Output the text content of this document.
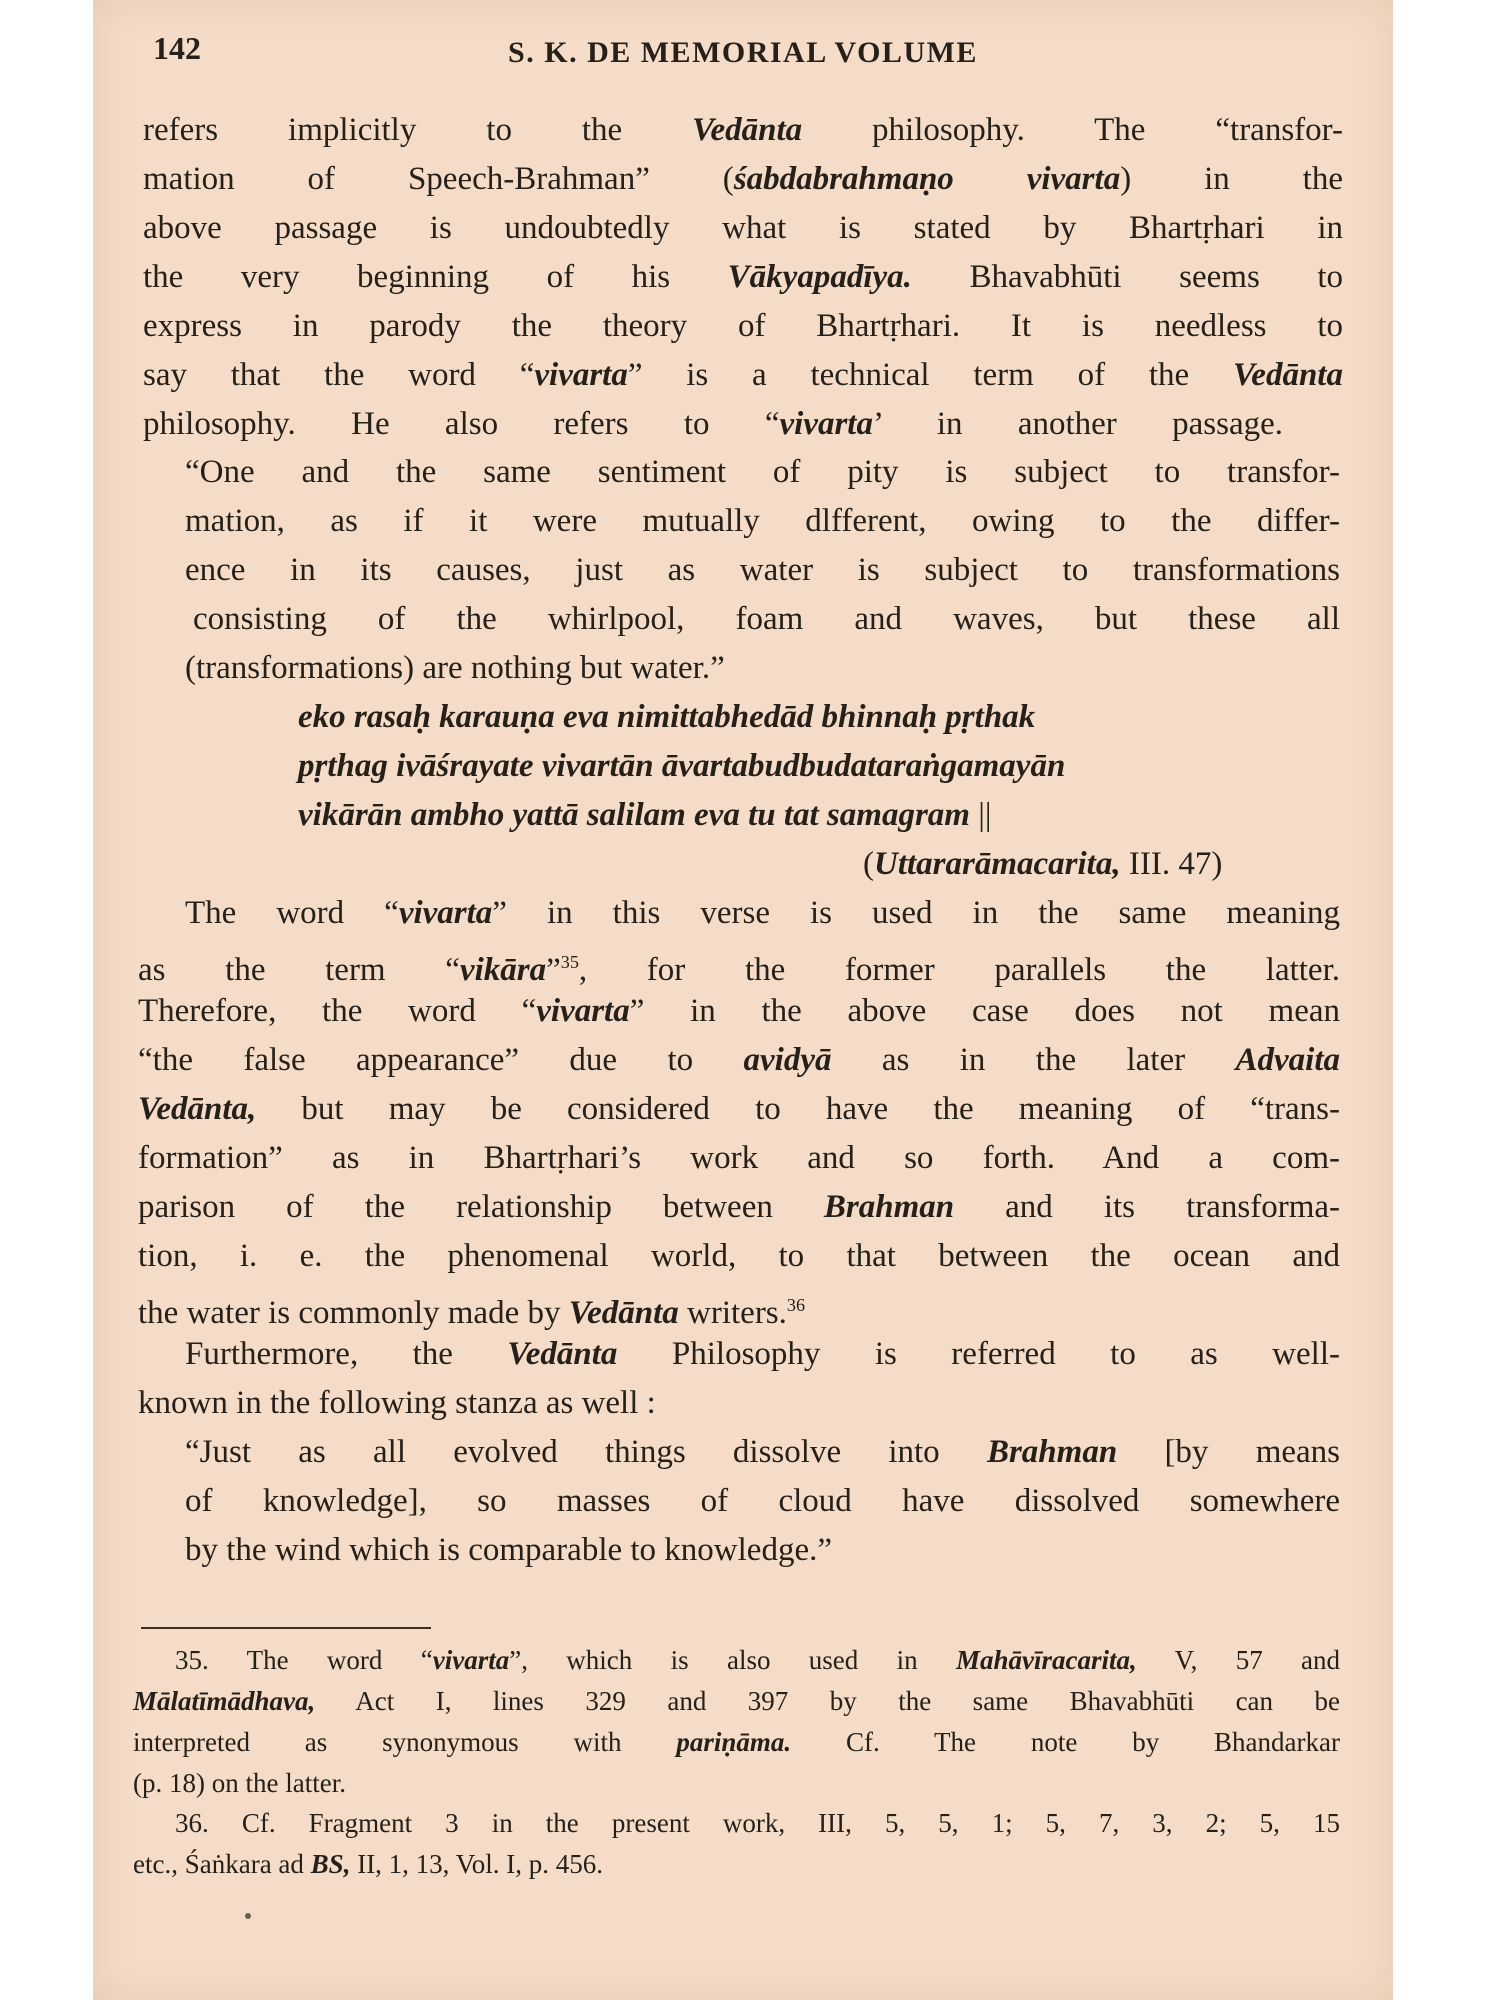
142	S. K. DE MEMORIAL VOLUME
refers implicitly to the Vedānta philosophy. The “transfor-
mation of Speech-Brahman” (śabdabrahmaṇo vivarta) in the
above passage is undoubtedly what is stated by Bhartṛhari in
the very beginning of his Vākyapadīya. Bhavabhūti seems to
express in parody the theory of Bhartṛhari. It is needless to
say that the word “vivarta” is a technical term of the Vedānta
philosophy. He also refers to “vivarta’ in another passage.
“One and the same sentiment of pity is subject to transfor-
mation, as if it were mutually dlfferent, owing to the differ-
ence in its causes, just as water is subject to transformations
consisting of the whirlpool, foam and waves, but these all
(transformations) are nothing but water.”
eko rasaḥ karauṇa eva nimittabhedād bhinnaḥ pṛthak
pṛthag ivāśrayate vivartān āvartabudbudataraṅgamayān
vikārān ambho yattā salilam eva tu tat samagram ||
(Uttararāmacarita, III. 47)
The word “vivarta” in this verse is used in the same meaning
as the term “vikāra”$^{35}$, for the former parallels the latter.
Therefore, the word “vivarta” in the above case does not mean
“the false appearance” due to avidyā as in the later Advaita
Vedānta, but may be considered to have the meaning of “trans-
formation” as in Bhartṛhari’s work and so forth. And a com-
parison of the relationship between Brahman and its transforma-
tion, i. e. the phenomenal world, to that between the ocean and
the water is commonly made by Vedānta writers.$^{36}$
Furthermore, the Vedānta Philosophy is referred to as well-
known in the following stanza as well :
“Just as all evolved things dissolve into Brahman [by means
of knowledge], so masses of cloud have dissolved somewhere
by the wind which is comparable to knowledge.”
35. The word “vivarta”, which is also used in Mahāvīracarita, V, 57 and
Mālatīmādhava, Act I, lines 329 and 397 by the same Bhavabhūti can be
interpreted as synonymous with pariṇāma. Cf. The note by Bhandarkar
(p. 18) on the latter.
36. Cf. Fragment 3 in the present work, III, 5, 5, 1; 5, 7, 3, 2; 5, 15
etc., Śaṅkara ad BS, II, 1, 13, Vol. I, p. 456.
